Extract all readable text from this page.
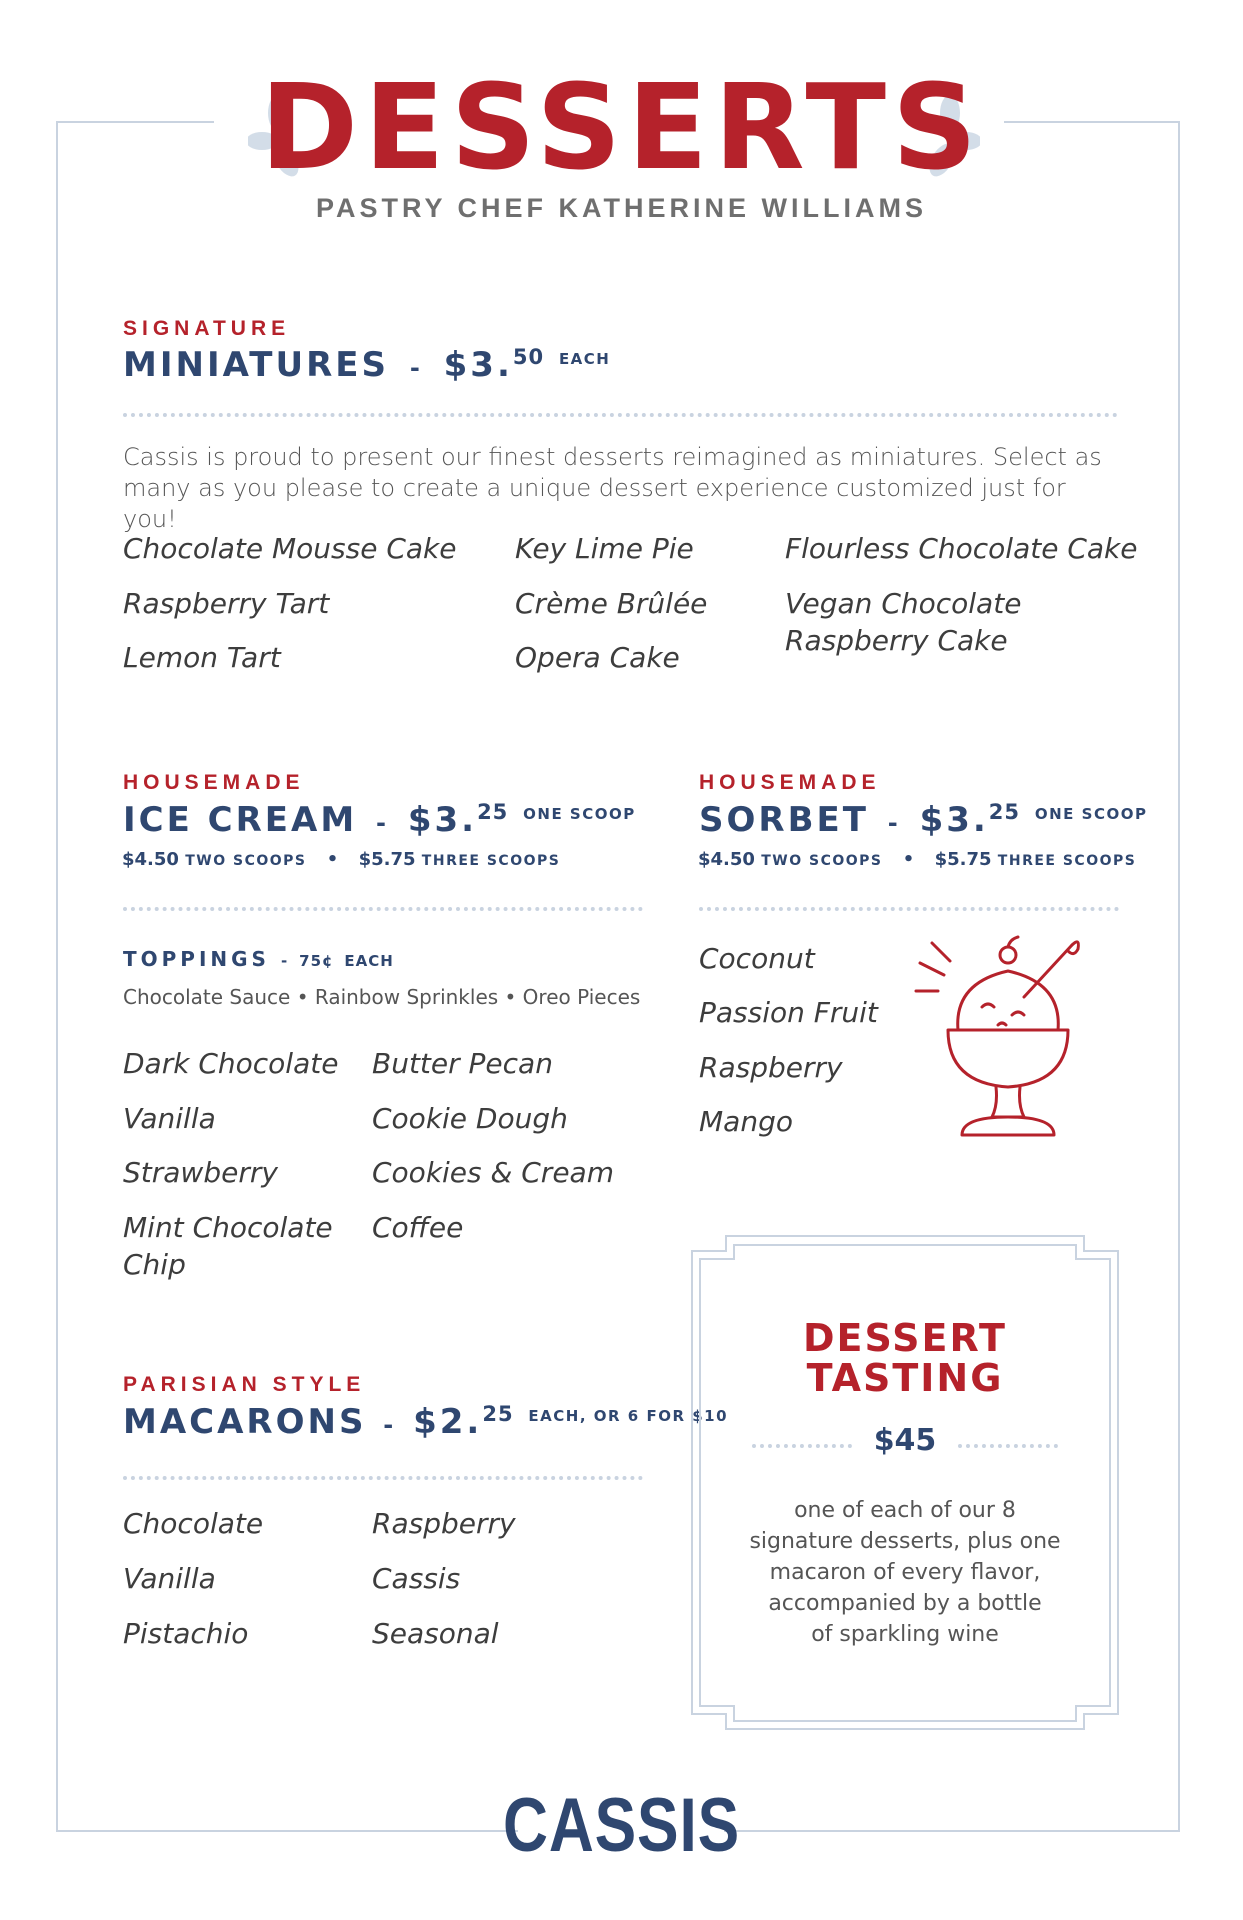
DESSERTS
PASTRY CHEF KATHERINE WILLIAMS
SIGNATURE
MINIATURES - $3.50 $^{EACH}$
Cassis is proud to present our finest desserts reimagined as miniatures. Select as
many as you please to create a unique dessert experience customized just for you!
Chocolate Mousse Cake
Raspberry Tart
Lemon Tart
Key Lime Pie
Crème Brûlée
Opera Cake
Flourless Chocolate Cake
Vegan Chocolate
Raspberry Cake
HOUSEMADE
ICE CREAM - $3.25 $^{ONE SCOOP}$
$4.50 TWO SCOOPS • $5.75 THREE SCOOPS
TOPPINGS - 75¢ EACH
Chocolate Sauce • Rainbow Sprinkles • Oreo Pieces
Dark Chocolate
Vanilla
Strawberry
Mint Chocolate
Chip
Butter Pecan
Cookie Dough
Cookies & Cream
Coffee
HOUSEMADE
SORBET - $3.25 $^{ONE SCOOP}$
$4.50 TWO SCOOPS • $5.75 THREE SCOOPS
Coconut
Passion Fruit
Raspberry
Mango
PARISIAN STYLE
MACARONS - $2.25 $^{EACH, OR 6 FOR \$10}$
Chocolate
Vanilla
Pistachio
Raspberry
Cassis
Seasonal
DESSERT
TASTING
$45
one of each of our 8
signature desserts, plus one
macaron of every flavor,
accompanied by a bottle
of sparkling wine
CASSIS
